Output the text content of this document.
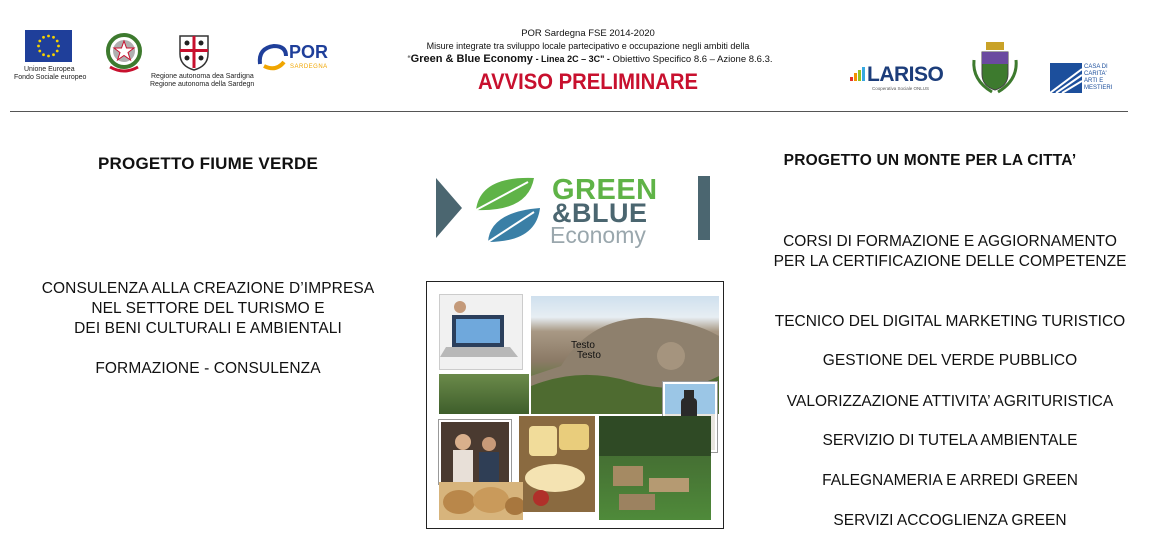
Unione Europea
Fondo Sociale europeo	Regione autonoma dea Sardigna
Regione autonoma della Sardegn
POR
SARDEGNA
POR Sardegna FSE 2014-2020
Misure integrate tra sviluppo locale partecipativo e occupazione negli ambiti della
“Green & Blue Economy - Linea 2C – 3C" - Obiettivo Specifico 8.6 – Azione 8.6.3.
AVVISO PRELIMINARE	LARISO
Cooperativa Sociale ONLUS
CASA DI
CARITA'
ARTI E
MESTIERI
PROGETTO FIUME VERDE
CONSULENZA ALLA CREAZIONE D’IMPRESA
NEL SETTORE DEL TURISMO E
DEI BENI CULTURALI E AMBIENTALI
FORMAZIONE - CONSULENZA
GREEN
&BLUE
Economy
Testo
Testo
PROGETTO UN MONTE PER LA CITTA’
CORSI DI FORMAZIONE E AGGIORNAMENTO
PER LA CERTIFICAZIONE DELLE COMPETENZE
TECNICO DEL DIGITAL MARKETING TURISTICO
GESTIONE DEL VERDE PUBBLICO
VALORIZZAZIONE ATTIVITA’ AGRITURISTICA
SERVIZIO DI TUTELA AMBIENTALE
FALEGNAMERIA E ARREDI GREEN
SERVIZI ACCOGLIENZA GREEN
